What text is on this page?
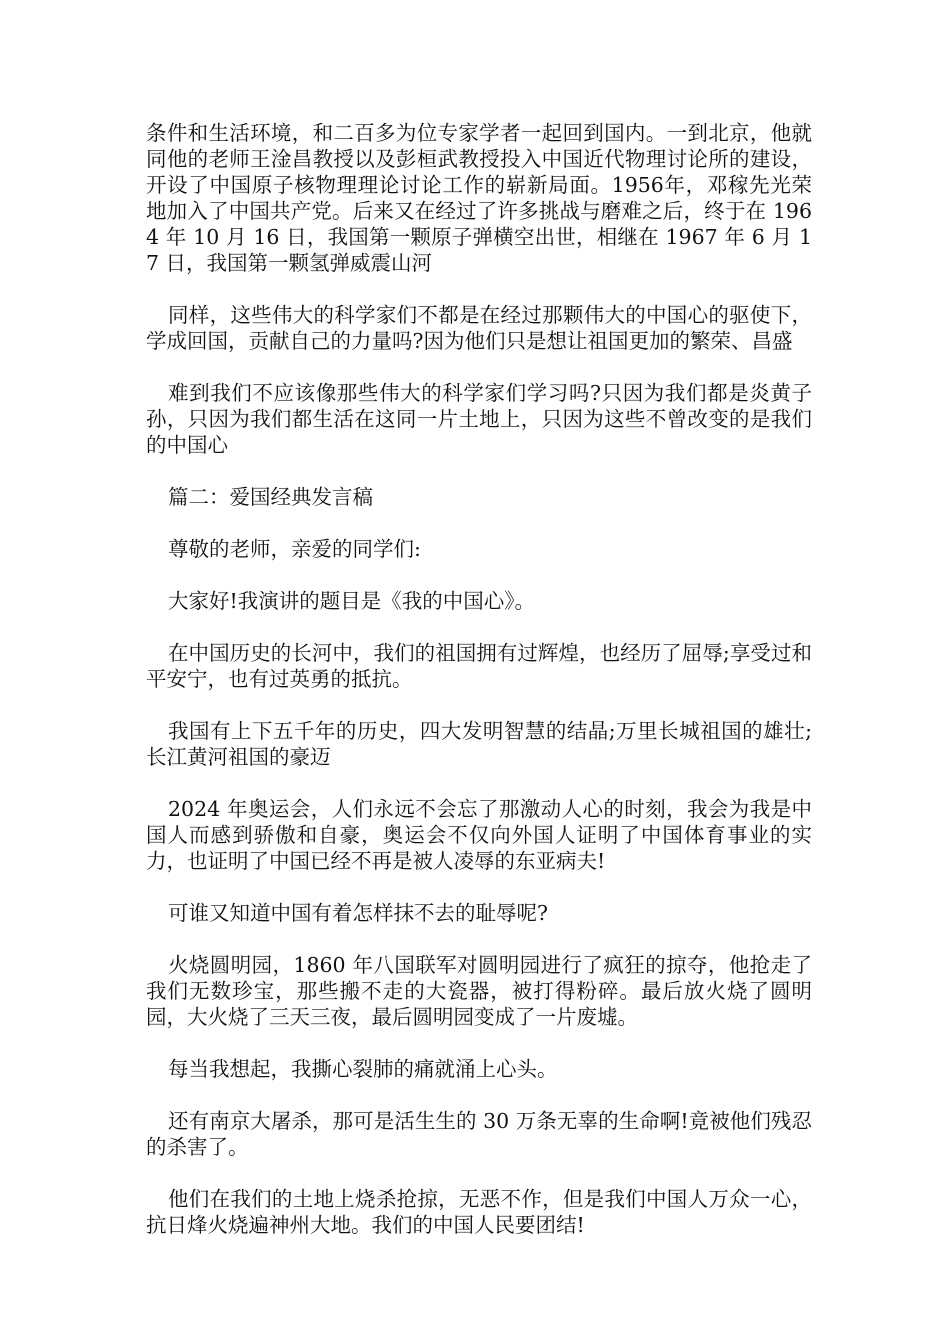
条件和生活环境，和二百多为位专家学者一起回到国内。一到北京，他就同他的老师王淦昌教授以及彭桓武教授投入中国近代物理讨论所的建设，开设了中国原子核物理理论讨论工作的崭新局面。1956年，邓稼先光荣地加入了中国共产党。后来又在经过了许多挑战与磨难之后，终于在 1964 年 10 月 16 日，我国第一颗原子弹横空出世，相继在 1967 年 6 月 17 日，我国第一颗氢弹威震山河

同样，这些伟大的科学家们不都是在经过那颗伟大的中国心的驱使下，学成回国，贡献自己的力量吗?因为他们只是想让祖国更加的繁荣、昌盛

难到我们不应该像那些伟大的科学家们学习吗?只因为我们都是炎黄子孙，只因为我们都生活在这同一片土地上，只因为这些不曾改变的是我们的中国心

篇二：爱国经典发言稿

尊敬的老师，亲爱的同学们:

大家好!我演讲的题目是《我的中国心》。

在中国历史的长河中，我们的祖国拥有过辉煌，也经历了屈辱;享受过和平安宁，也有过英勇的抵抗。

我国有上下五千年的历史，四大发明智慧的结晶;万里长城祖国的雄壮;长江黄河祖国的豪迈

2024 年奥运会，人们永远不会忘了那激动人心的时刻，我会为我是中国人而感到骄傲和自豪，奥运会不仅向外国人证明了中国体育事业的实力，也证明了中国已经不再是被人凌辱的东亚病夫!

可谁又知道中国有着怎样抹不去的耻辱呢?

火烧圆明园，1860 年八国联军对圆明园进行了疯狂的掠夺，他抢走了我们无数珍宝，那些搬不走的大瓷器，被打得粉碎。最后放火烧了圆明园，大火烧了三天三夜，最后圆明园变成了一片废墟。

每当我想起，我撕心裂肺的痛就涌上心头。

还有南京大屠杀，那可是活生生的 30 万条无辜的生命啊!竟被他们残忍的杀害了。

他们在我们的土地上烧杀抢掠，无恶不作，但是我们中国人万众一心，抗日烽火烧遍神州大地。我们的中国人民要团结!
